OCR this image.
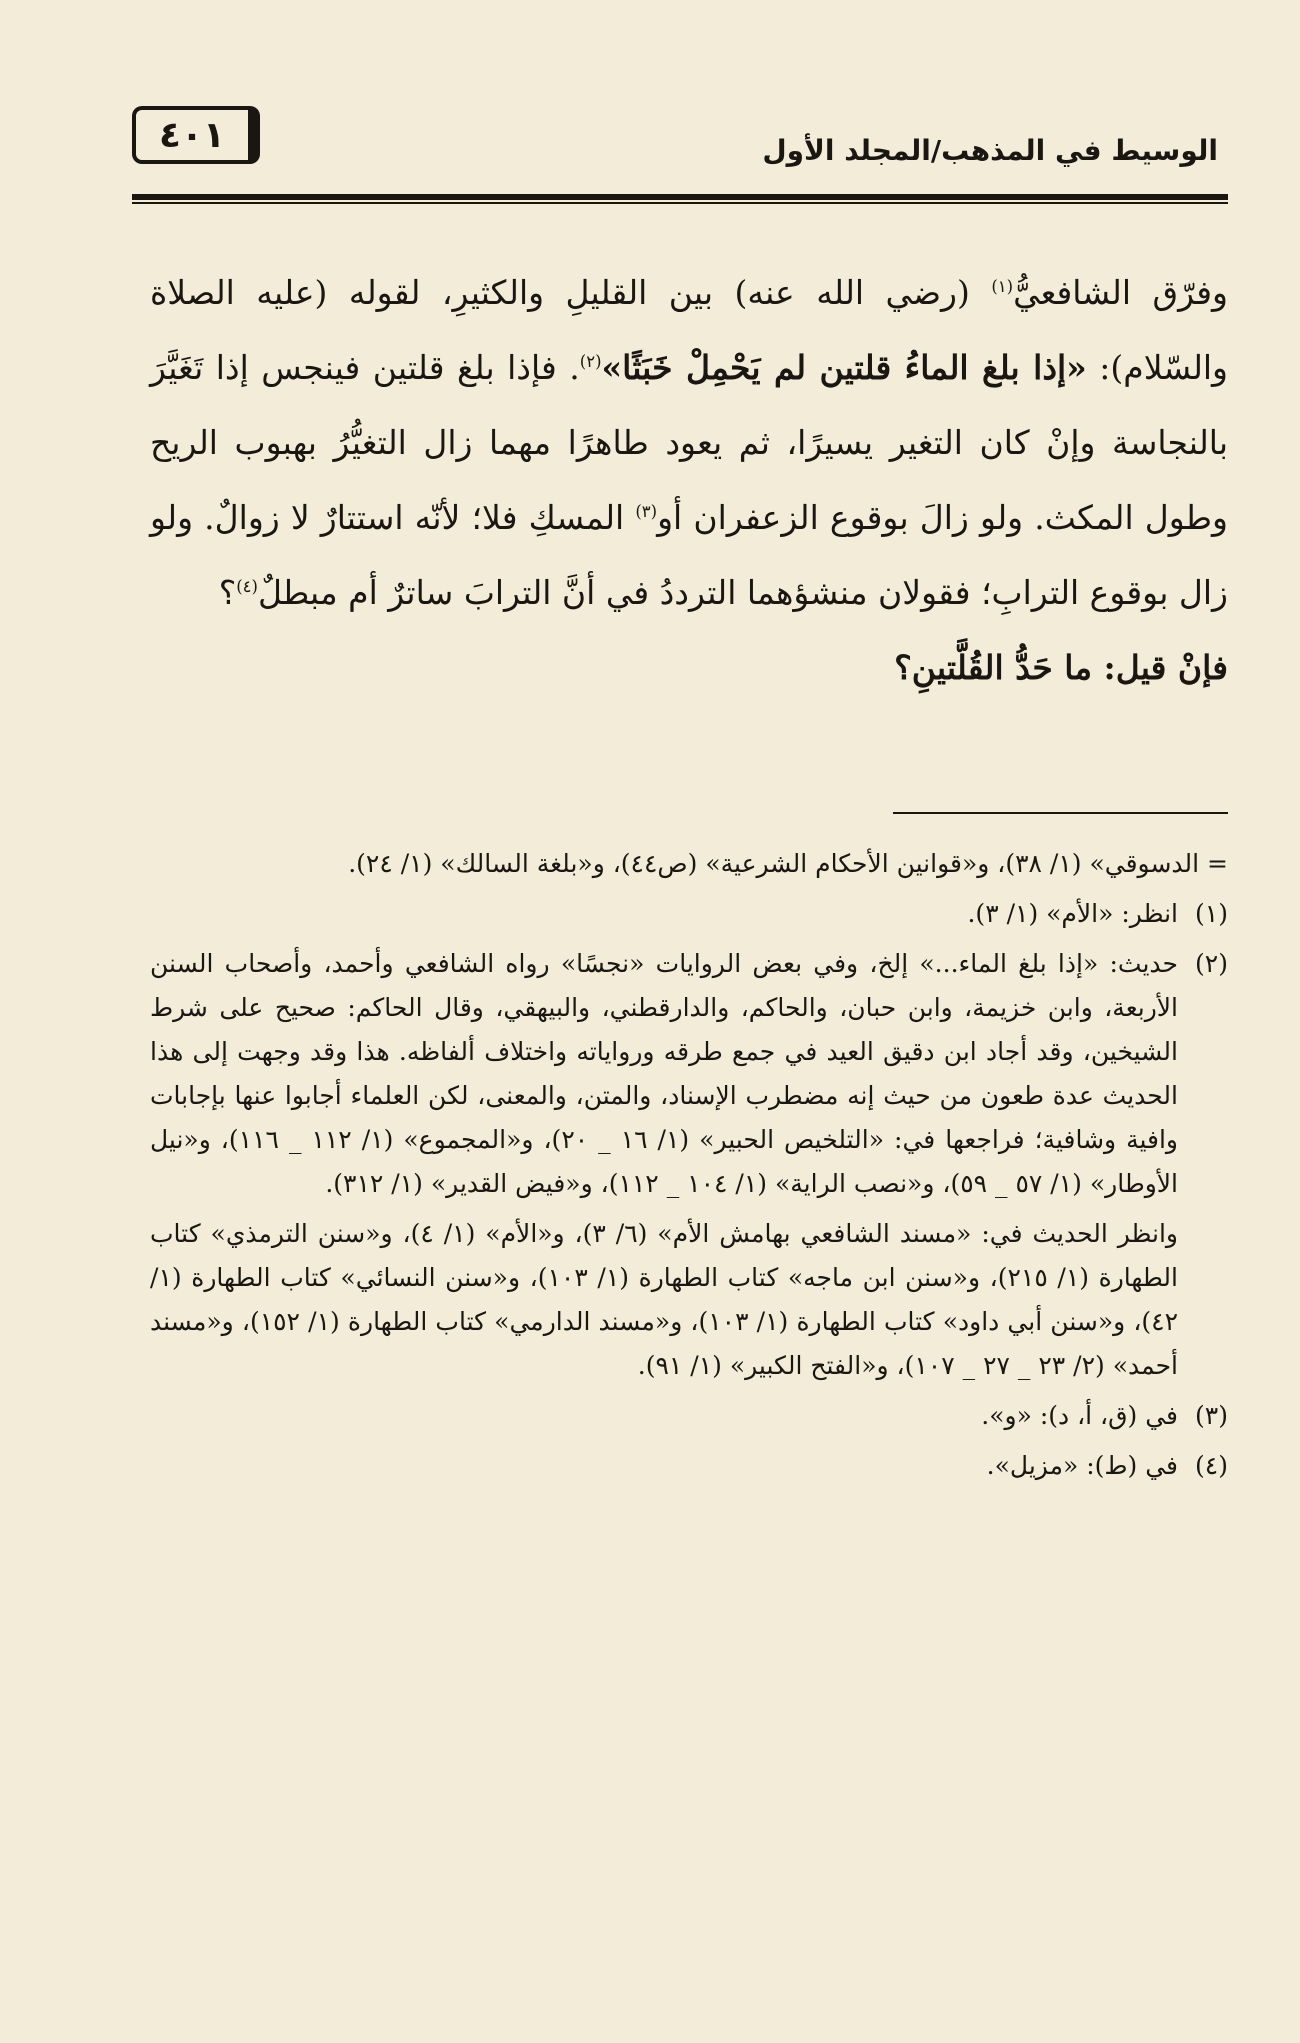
٤٠١	الوسيط في المذهب/المجلد الأول

وفرّق الشافعيُّ$^{(١)}$ (رضي الله عنه) بين القليلِ والكثيرِ، لقوله (عليه الصلاة والسّلام): «إذا بلغ الماءُ قلتين لم يَحْمِلْ خَبَثًا»$^{(٢)}$. فإذا بلغ قلتين فينجس إذا تَغَيَّرَ بالنجاسة وإنْ كان التغير يسيرًا، ثم يعود طاهرًا مهما زال التغيُّرُ بهبوب الريح وطول المكث. ولو زالَ بوقوع الزعفران أو$^{(٣)}$ المسكِ فلا؛ لأنّه استتارٌ لا زوالٌ. ولو زال بوقوع الترابِ؛ فقولان منشؤهما الترددُ في أنَّ الترابَ ساترٌ أم مبطلٌ$^{(٤)}$؟

فإنْ قيل: ما حَدُّ القُلَّتينِ؟

= الدسوقي» (١/ ٣٨)، و«قوانين الأحكام الشرعية» (ص٤٤)، و«بلغة السالك» (١/ ٢٤).

(١)
انظر: «الأم» (١/ ٣).
(٢)
حديث: «إذا بلغ الماء...» إلخ، وفي بعض الروايات «نجسًا» رواه الشافعي وأحمد، وأصحاب السنن الأربعة، وابن خزيمة، وابن حبان، والحاكم، والدارقطني، والبيهقي، وقال الحاكم: صحيح على شرط الشيخين، وقد أجاد ابن دقيق العيد في جمع طرقه ورواياته واختلاف ألفاظه. هذا وقد وجهت إلى هذا الحديث عدة طعون من حيث إنه مضطرب الإسناد، والمتن، والمعنى، لكن العلماء أجابوا عنها بإجابات وافية وشافية؛ فراجعها في: «التلخيص الحبير» (١/ ١٦ _ ٢٠)، و«المجموع» (١/ ١١٢ _ ١١٦)، و«نيل الأوطار» (١/ ٥٧ _ ٥٩)، و«نصب الراية» (١/ ١٠٤ _ ١١٢)، و«فيض القدير» (١/ ٣١٢).

وانظر الحديث في: «مسند الشافعي بهامش الأم» (٦/ ٣)، و«الأم» (١/ ٤)، و«سنن الترمذي» كتاب الطهارة (١/ ٢١٥)، و«سنن ابن ماجه» كتاب الطهارة (١/ ١٠٣)، و«سنن النسائي» كتاب الطهارة (١/ ٤٢)، و«سنن أبي داود» كتاب الطهارة (١/ ١٠٣)، و«مسند الدارمي» كتاب الطهارة (١/ ١٥٢)، و«مسند أحمد» (٢/ ٢٣ _ ٢٧ _ ١٠٧)، و«الفتح الكبير» (١/ ٩١).

(٣)
في (ق، أ، د): «و».
(٤)
في (ط): «مزيل».
